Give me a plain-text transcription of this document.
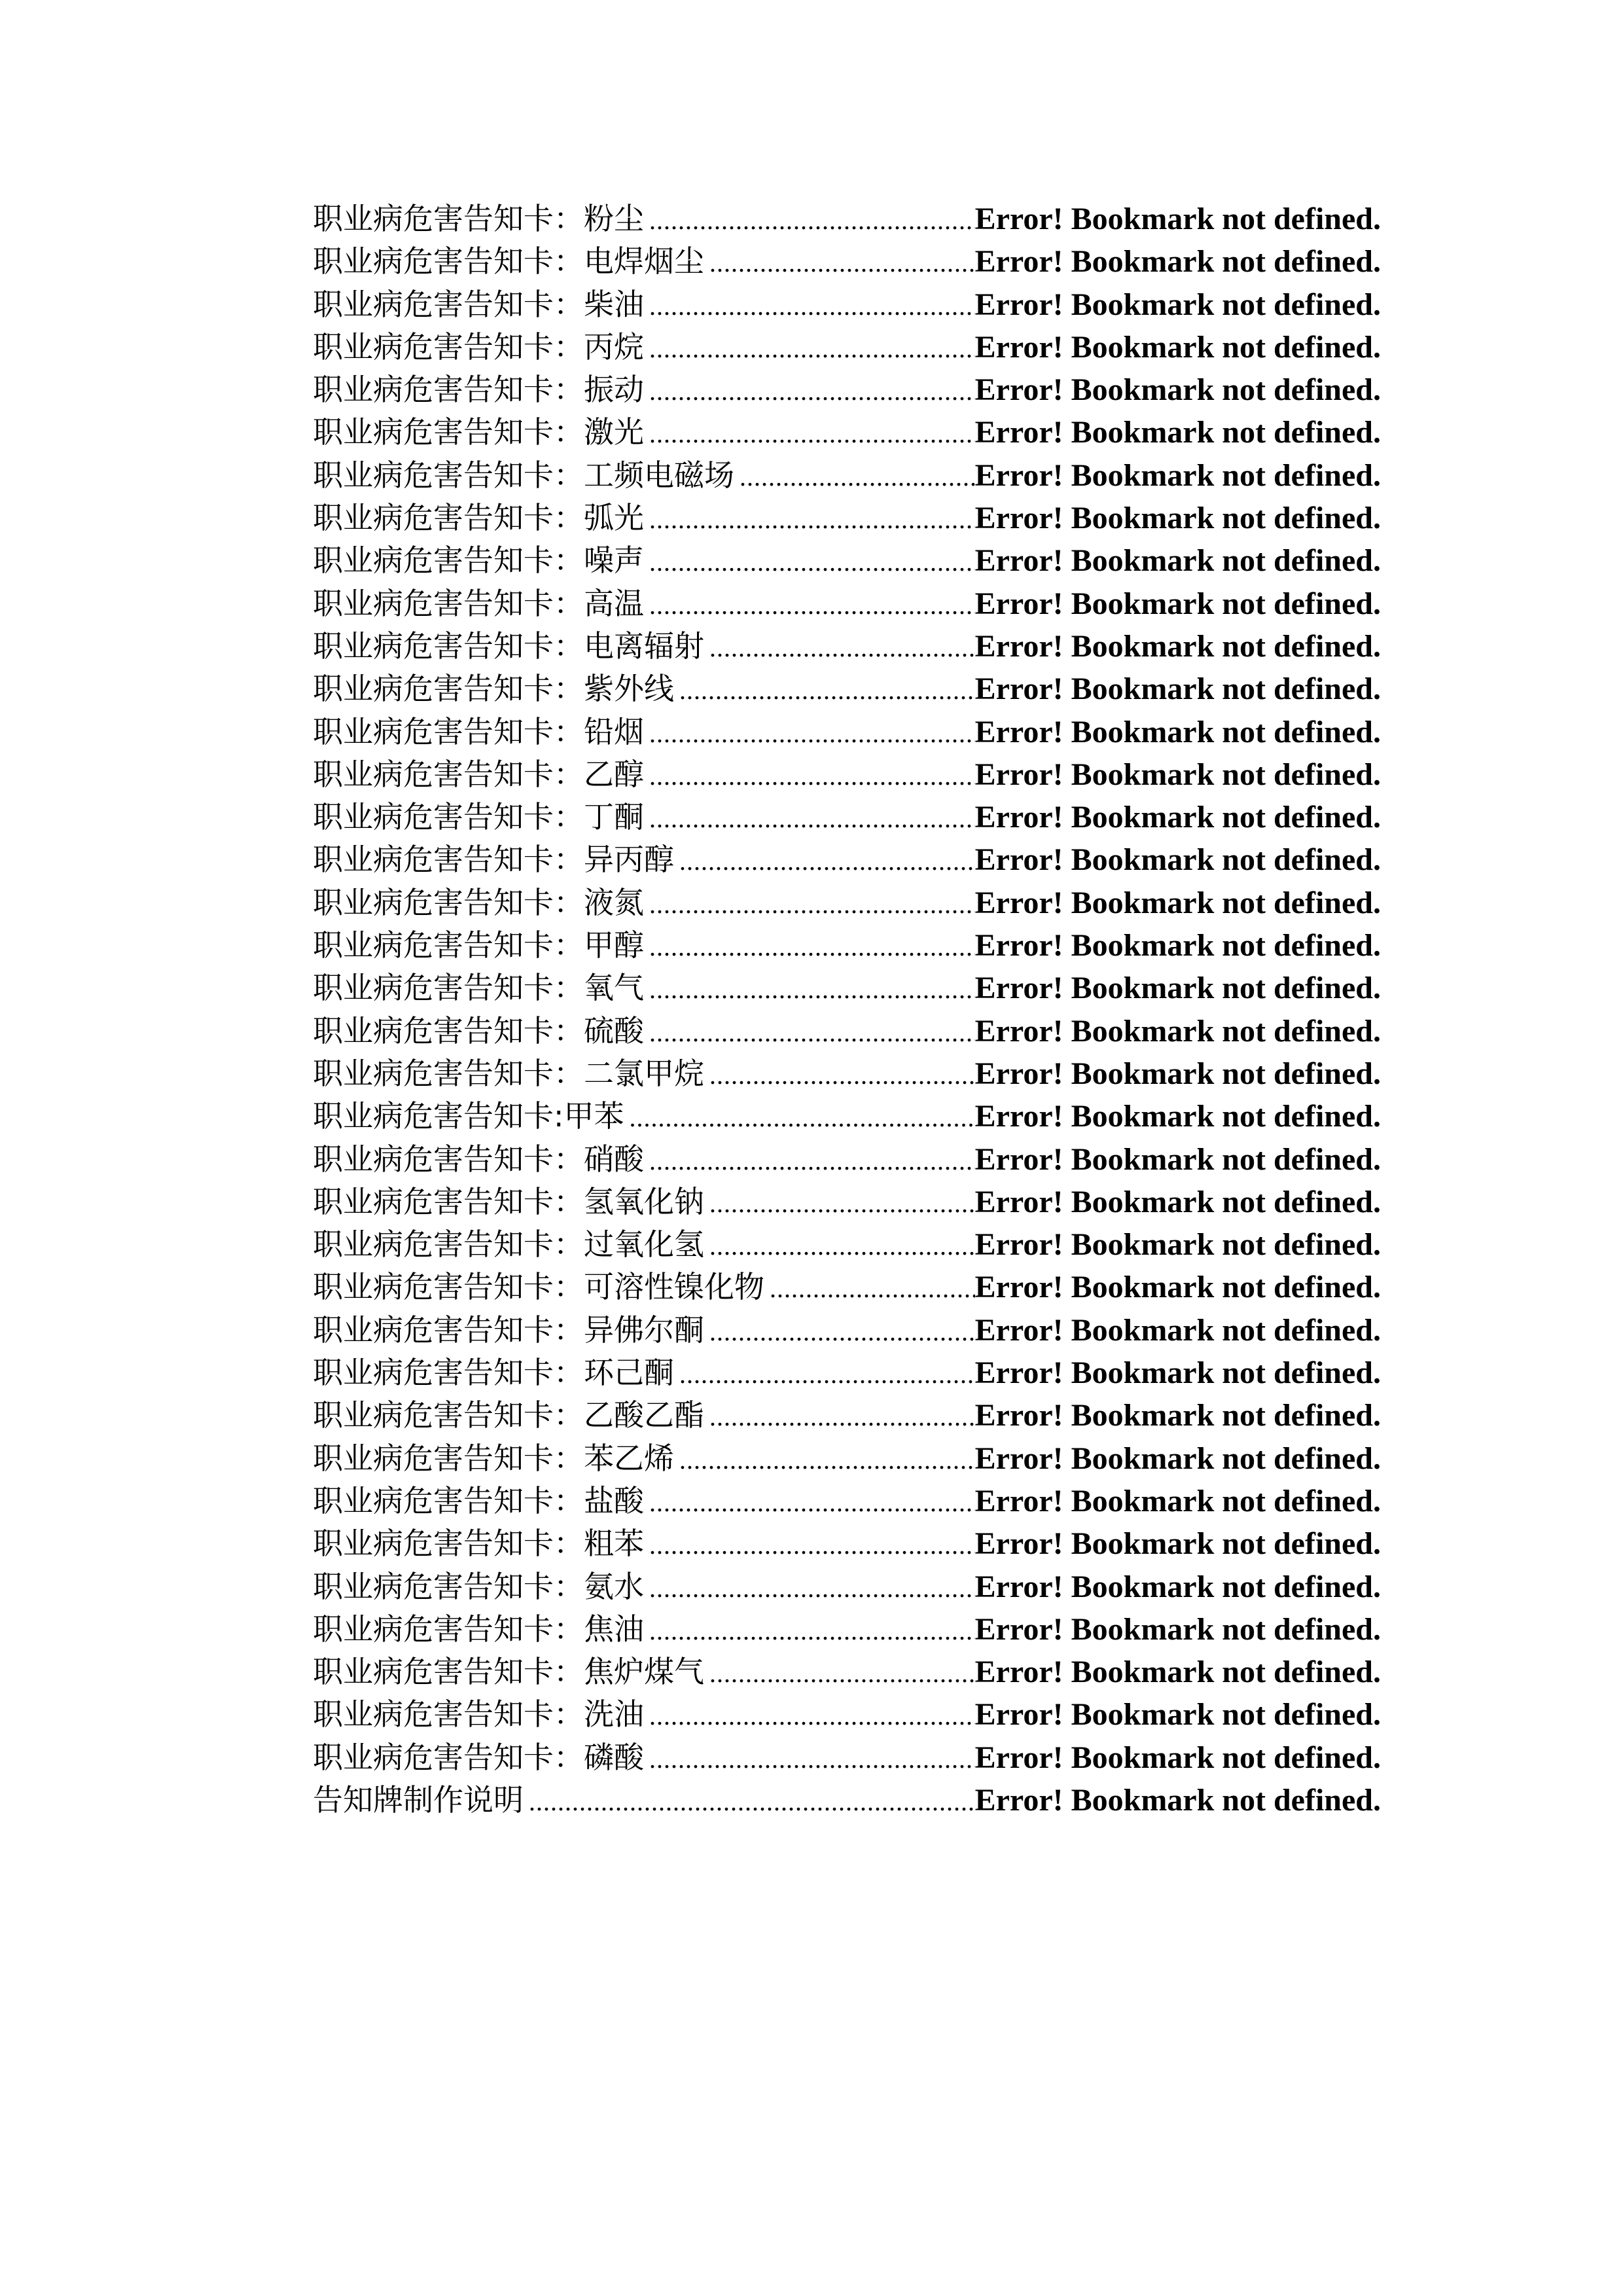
职业病危害告知卡：粉尘 .....	Error! Bookmark not defined.
职业病危害告知卡：电焊烟尘 .....	Error! Bookmark not defined.
职业病危害告知卡：柴油 .....	Error! Bookmark not defined.
职业病危害告知卡：丙烷 .....	Error! Bookmark not defined.
职业病危害告知卡：振动 .....	Error! Bookmark not defined.
职业病危害告知卡：激光 .....	Error! Bookmark not defined.
职业病危害告知卡：工频电磁场 .....	Error! Bookmark not defined.
职业病危害告知卡：弧光 .....	Error! Bookmark not defined.
职业病危害告知卡：噪声 .....	Error! Bookmark not defined.
职业病危害告知卡：高温 .....	Error! Bookmark not defined.
职业病危害告知卡：电离辐射 .....	Error! Bookmark not defined.
职业病危害告知卡：紫外线 .....	Error! Bookmark not defined.
职业病危害告知卡：铅烟 .....	Error! Bookmark not defined.
职业病危害告知卡：乙醇 .....	Error! Bookmark not defined.
职业病危害告知卡：丁酮 .....	Error! Bookmark not defined.
职业病危害告知卡：异丙醇 .....	Error! Bookmark not defined.
职业病危害告知卡：液氮 .....	Error! Bookmark not defined.
职业病危害告知卡：甲醇 .....	Error! Bookmark not defined.
职业病危害告知卡：氧气 .....	Error! Bookmark not defined.
职业病危害告知卡：硫酸 .....	Error! Bookmark not defined.
职业病危害告知卡：二氯甲烷 .....	Error! Bookmark not defined.
职业病危害告知卡:甲苯 .....	Error! Bookmark not defined.
职业病危害告知卡：硝酸 .....	Error! Bookmark not defined.
职业病危害告知卡：氢氧化钠 .....	Error! Bookmark not defined.
职业病危害告知卡：过氧化氢 .....	Error! Bookmark not defined.
职业病危害告知卡：可溶性镍化物 .....	Error! Bookmark not defined.
职业病危害告知卡：异佛尔酮 .....	Error! Bookmark not defined.
职业病危害告知卡：环己酮 .....	Error! Bookmark not defined.
职业病危害告知卡：乙酸乙酯 .....	Error! Bookmark not defined.
职业病危害告知卡：苯乙烯 .....	Error! Bookmark not defined.
职业病危害告知卡：盐酸 .....	Error! Bookmark not defined.
职业病危害告知卡：粗苯 .....	Error! Bookmark not defined.
职业病危害告知卡：氨水 .....	Error! Bookmark not defined.
职业病危害告知卡：焦油 .....	Error! Bookmark not defined.
职业病危害告知卡：焦炉煤气 .....	Error! Bookmark not defined.
职业病危害告知卡：洗油 .....	Error! Bookmark not defined.
职业病危害告知卡：磷酸 .....	Error! Bookmark not defined.
告知牌制作说明 .....	Error! Bookmark not defined.
